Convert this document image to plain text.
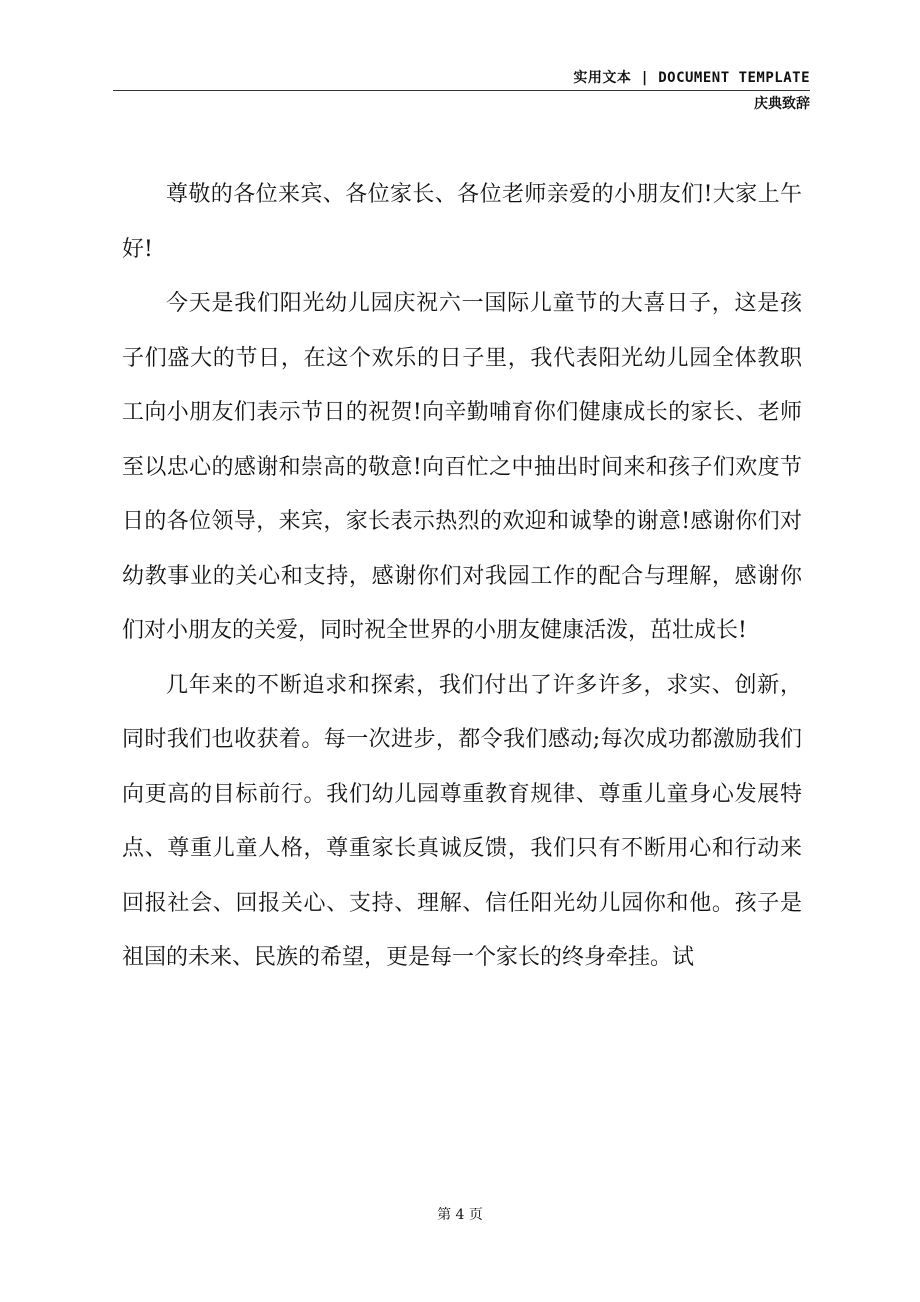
实用文本 | DOCUMENT TEMPLATE
庆典致辞

尊敬的各位来宾、各位家长、各位老师亲爱的小朋友们!大家上午好!

今天是我们阳光幼儿园庆祝六一国际儿童节的大喜日子，这是孩子们盛大的节日，在这个欢乐的日子里，我代表阳光幼儿园全体教职工向小朋友们表示节日的祝贺!向辛勤哺育你们健康成长的家长、老师至以忠心的感谢和崇高的敬意!向百忙之中抽出时间来和孩子们欢度节日的各位领导，来宾，家长表示热烈的欢迎和诚挚的谢意!感谢你们对幼教事业的关心和支持，感谢你们对我园工作的配合与理解，感谢你们对小朋友的关爱，同时祝全世界的小朋友健康活泼，茁壮成长!

几年来的不断追求和探索，我们付出了许多许多，求实、创新，同时我们也收获着。每一次进步，都令我们感动;每次成功都激励我们向更高的目标前行。我们幼儿园尊重教育规律、尊重儿童身心发展特点、尊重儿童人格，尊重家长真诚反馈，我们只有不断用心和行动来回报社会、回报关心、支持、理解、信任阳光幼儿园你和他。孩子是祖国的未来、民族的希望，更是每一个家长的终身牵挂。试

第 4 页
